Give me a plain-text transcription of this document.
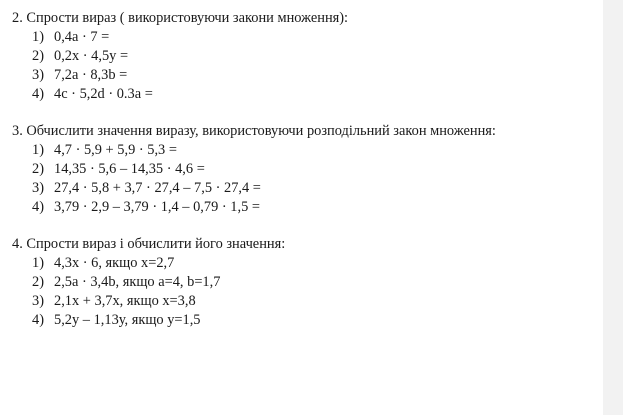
2. Спрости вираз ( використовуючи закони множення):
1) 0,4а · 7 =
2) 0,2х · 4,5у =
3) 7,2а · 8,3b =
4) 4с · 5,2d · 0.3а =
3. Обчислити значення виразу, використовуючи розподільний закон множення:
1) 4,7 · 5,9 + 5,9 · 5,3 =
2) 14,35 · 5,6 – 14,35 · 4,6 =
3) 27,4 · 5,8 + 3,7 · 27,4 – 7,5 · 27,4 =
4) 3,79 · 2,9 – 3,79 · 1,4 – 0,79 · 1,5 =
4. Спрости вираз і обчислити його значення:
1) 4,3х · 6, якщо х=2,7
2) 2,5а · 3,4b, якщо а=4, b=1,7
3) 2,1х + 3,7х, якщо х=3,8
4) 5,2у – 1,13у, якщо у=1,5
